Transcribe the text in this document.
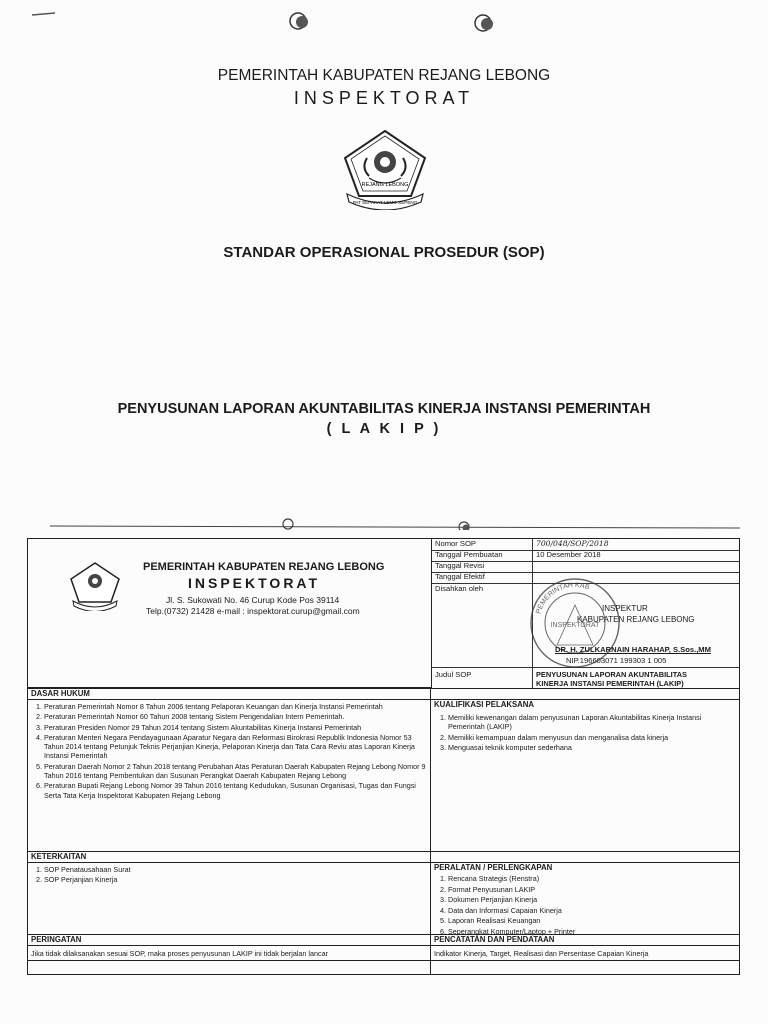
PEMERINTAH KABUPATEN REJANG LEBONG
INSPEKTORAT
REJANG LEBONG
PAT SEPAKAT LEMO SEPENO
STANDAR OPERASIONAL PROSEDUR (SOP)
PENYUSUNAN LAPORAN AKUNTABILITAS KINERJA INSTANSI PEMERINTAH
( L A K I P )
PEMERINTAH KABUPATEN REJANG LEBONG
INSPEKTORAT
Jl. S. Sukowati No. 46 Curup Kode Pos 39114
Telp.(0732) 21428 e-mail : inspektorat.curup@gmail.com
Nomor SOP	700/048/SOP/2018
Tanggal Pembuatan	10 Desember 2018
Tanggal Revisi
Tanggal Efektif
Disahkan oleh
INSPEKTUR
KABUPATEN REJANG LEBONG
DR. H. ZULKARNAIN HARAHAP, S.Sos.,MM
NIP.196603071 199303 1 005
Judul SOP	PENYUSUNAN LAPORAN AKUNTABILITAS
KINERJA INSTANSI PEMERINTAH (LAKIP)
DASAR HUKUM
1. Peraturan Pemerintah Nomor 8 Tahun 2006 tentang Pelaporan Keuangan dan Kinerja Instansi Pemerintah
2. Peraturan Pemerintah Nomor 60 Tahun 2008 tentang Sistem Pengendalian Intern Pemerintah.
3. Peraturan Presiden Nomor 29 Tahun 2014 tentang Sistem Akuntabilitas Kinerja Instansi Pemerintah
4. Peraturan Menteri Negara Pendayagunaan Aparatur Negara dan Reformasi Birokrasi Republik Indonesia Nomor 53 Tahun 2014 tentang Petunjuk Teknis Perjanjian Kinerja, Pelaporan Kinerja dan Tata Cara Reviu atas Laporan Kinerja Instansi Pemerintah
5. Peraturan Daerah Nomor 2 Tahun 2018 tentang Perubahan Atas Peraturan Daerah Kabupaten Rejang Lebong Nomor 9 Tahun 2016 tentang Pembentukan dan Susunan Perangkat Daerah Kabupaten Rejang Lebong
6. Peraturan Bupati Rejang Lebong Nomor 39 Tahun 2016 tentang Kedudukan, Susunan Organisasi, Tugas dan Fungsi Serta Tata Kerja Inspektorat Kabupaten Rejang Lebong
KUALIFIKASI PELAKSANA
1. Memiliki kewenangan dalam penyusunan Laporan Akuntabilitas Kinerja Instansi Pemerintah (LAKIP)
2. Memiliki kemampuan dalam menyusun dan menganalisa data kinerja
3. Menguasai teknik komputer sederhana
KETERKAITAN
1. SOP Penatausahaan Surat
2. SOP Perjanjian Kinerja
PERALATAN / PERLENGKAPAN
1. Rencana Strategis (Renstra)
2. Format Penyusunan LAKIP
3. Dokumen Perjanjian Kinerja
4. Data dan Informasi Capaian Kinerja
5. Laporan Realisasi Keuangan
6. Seperangkat Komputer/Laptop + Printer
PERINGATAN
Jika tidak dilaksanakan sesuai SOP, maka proses penyusunan LAKIP ini tidak berjalan lancar
PENCATATAN DAN PENDATAAN
Indikator Kinerja, Target, Realisasi dan Persentase Capaian Kinerja
PEMERINTAH KAB
INSPEKTORAT
